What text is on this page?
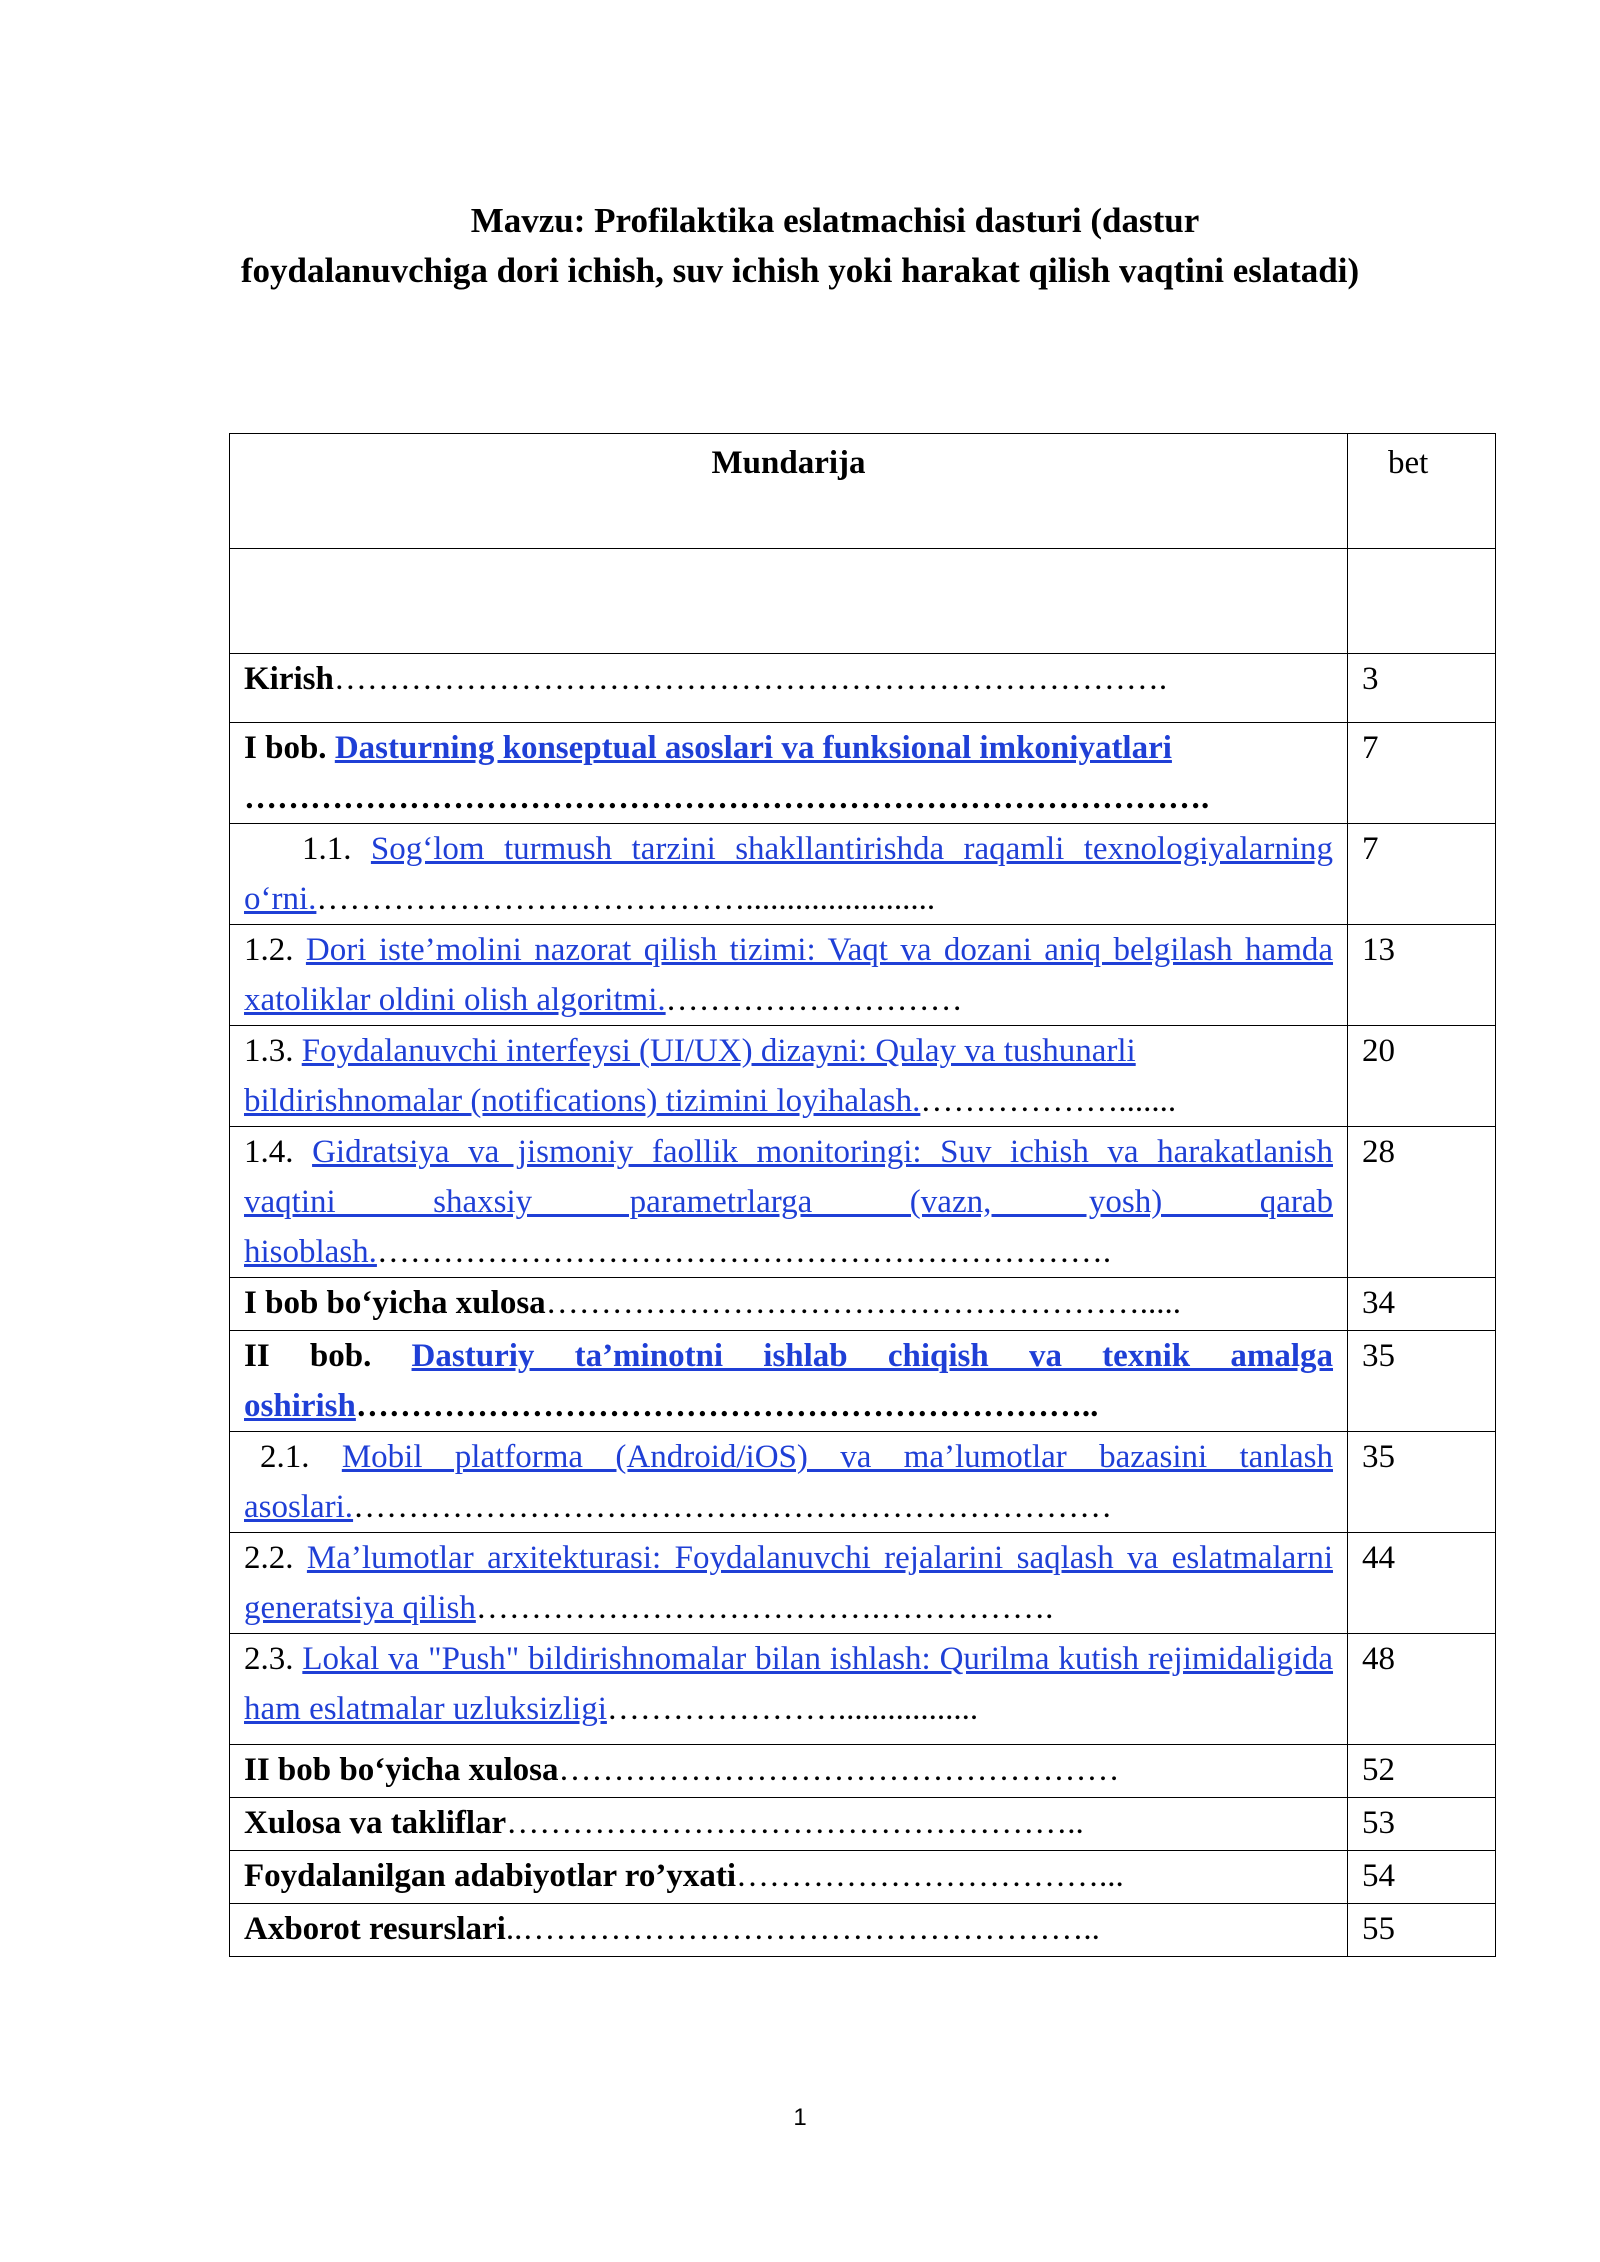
Mavzu: Profilaktika eslatmachisi dasturi (dastur
foydalanuvchiga dori ichish, suv ichish yoki harakat qilish vaqtini eslatadi)
Mundarija	bet

Kirish………………………………………………………………….	3
I bob. Dasturning konseptual asoslari va funksional imkoniyatlari
…………………………………………………………………………….	7
1.1. Sog‘lom turmush tarzini shakllantirishda raqamli texnologiyalarning o‘rni.………………………………….......................	7
1.2. Dori iste’molini nazorat qilish tizimi: Vaqt va dozani aniq belgilash hamda xatoliklar oldini olish algoritmi.………………………	13
1.3. Foydalanuvchi interfeysi (UI/UX) dizayni: Qulay va tushunarli bildirishnomalar (notifications) tizimini loyihalash.……………….......	20
1.4. Gidratsiya va jismoniy faollik monitoringi: Suv ichish va harakatlanish vaqtini shaxsiy parametrlarga (vazn, yosh) qarab hisoblash.………………………………………………………….	28
I bob bo‘yicha xulosa……………………………………………….....	34
II bob. Dasturiy ta’minotni ishlab chiqish va texnik amalga oshirish…………………………………………………………..	35
2.1. Mobil platforma (Android/iOS) va ma’lumotlar bazasini tanlash asoslari.……………………………………………………………	35
2.2. Ma’lumotlar arxitekturasi: Foydalanuvchi rejalarini saqlash va eslatmalarni generatsiya qilish……………………………….…………….	44
2.3. Lokal va "Push" bildirishnomalar bilan ishlash: Qurilma kutish rejimidaligida ham eslatmalar uzluksizligi………………….................	48
II bob bo‘yicha xulosa……………………………………………	52
Xulosa va takliflar……………………………………………..	53
Foydalanilgan adabiyotlar ro’yxati……………………………...	54
Axborot resurslari..……………………………………………..	55
1
